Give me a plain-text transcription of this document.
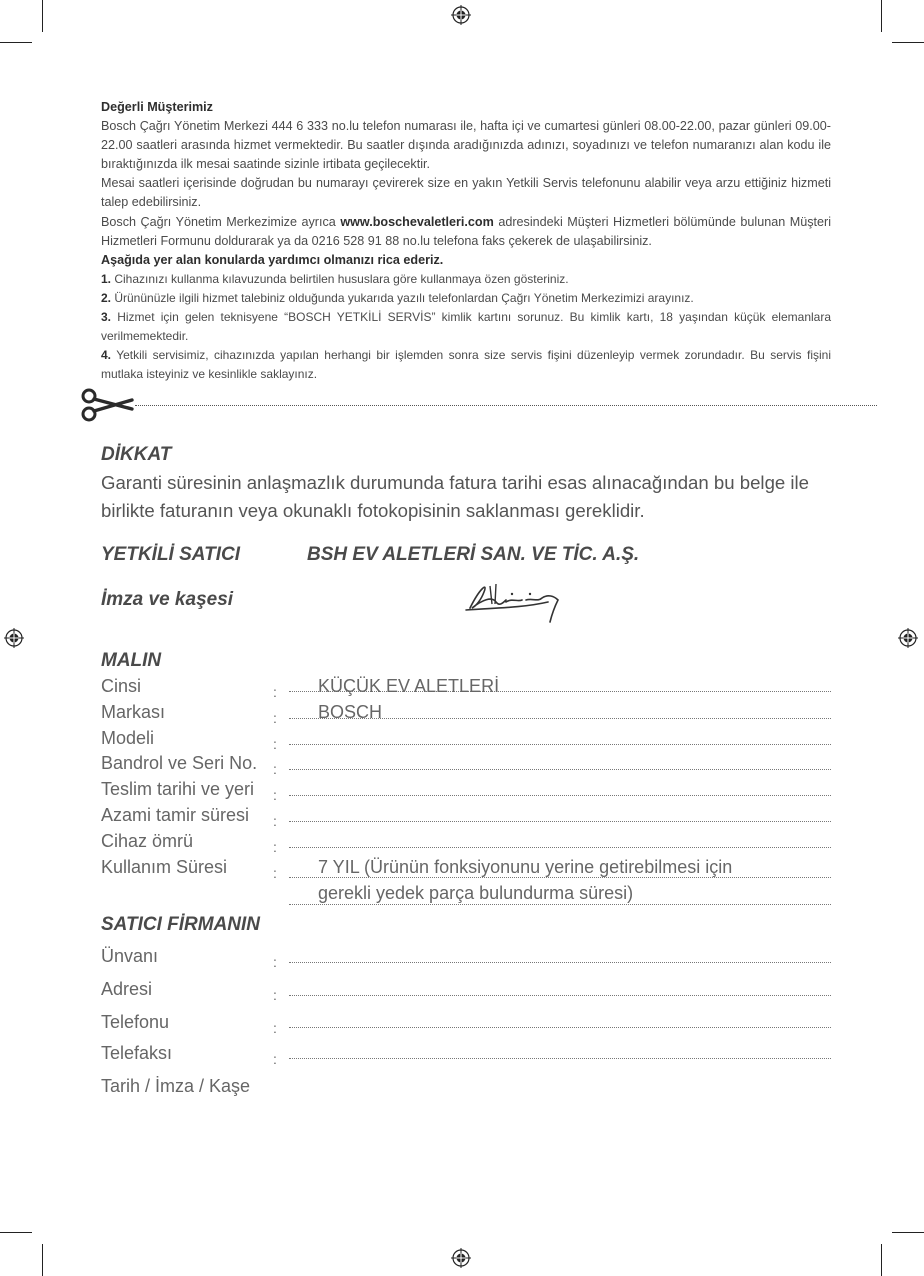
Değerli Müşterimiz

Bosch Çağrı Yönetim Merkezi 444 6 333 no.lu telefon numarası ile, hafta içi ve cumartesi günleri 08.00-22.00, pazar günleri 09.00-22.00 saatleri arasında hizmet vermektedir. Bu saatler dışında aradığınızda adınızı, soyadınızı ve telefon numaranızı alan kodu ile bıraktığınızda ilk mesai saatinde sizinle irtibata geçilecektir.

Mesai saatleri içerisinde doğrudan bu numarayı çevirerek size en yakın Yetkili Servis telefonunu alabilir veya arzu ettiğiniz hizmeti talep edebilirsiniz.

Bosch Çağrı Yönetim Merkezimize ayrıca www.boschevaletleri.com adresindeki Müşteri Hizmetleri bölümünde bulunan Müşteri Hizmetleri Formunu doldurarak ya da 0216 528 91 88 no.lu telefona faks çekerek de ulaşabilirsiniz.

Aşağıda yer alan konularda yardımcı olmanızı rica ederiz.

1. Cihazınızı kullanma kılavuzunda belirtilen hususlara göre kullanmaya özen gösteriniz.

2. Ürününüzle ilgili hizmet talebiniz olduğunda yukarıda yazılı telefonlardan Çağrı Yönetim Merkezimizi arayınız.

3. Hizmet için gelen teknisyene “BOSCH YETKİLİ SERVİS” kimlik kartını sorunuz. Bu kimlik kartı, 18 yaşından küçük elemanlara verilmemektedir.

4. Yetkili servisimiz, cihazınızda yapılan herhangi bir işlemden sonra size servis fişini düzenleyip vermek zorundadır. Bu servis fişini mutlaka isteyiniz ve kesinlikle saklayınız.

DİKKAT
Garanti süresinin anlaşmazlık durumunda fatura tarihi esas alınacağından bu belge ile birlikte faturanın veya okunaklı fotokopisinin saklanması gereklidir.
YETKİLİ SATICI	BSH EV ALETLERİ SAN. VE TİC. A.Ş.
İmza ve kaşesi
MALIN
Cinsi	: KÜÇÜK EV ALETLERİ
Markası	: BOSCH
Modeli	:
Bandrol ve Seri No. :
Teslim tarihi ve yeri :
Azami tamir süresi :
Cihaz ömrü	:
Kullanım Süresi	: 7 YIL (Ürünün fonksiyonunu yerine getirebilmesi için
gerekli yedek parça bulundurma süresi)
SATICI FİRMANIN
Ünvanı	:
Adresi	:
Telefonu	:
Telefaksı	:
Tarih / İmza / Kaşe
